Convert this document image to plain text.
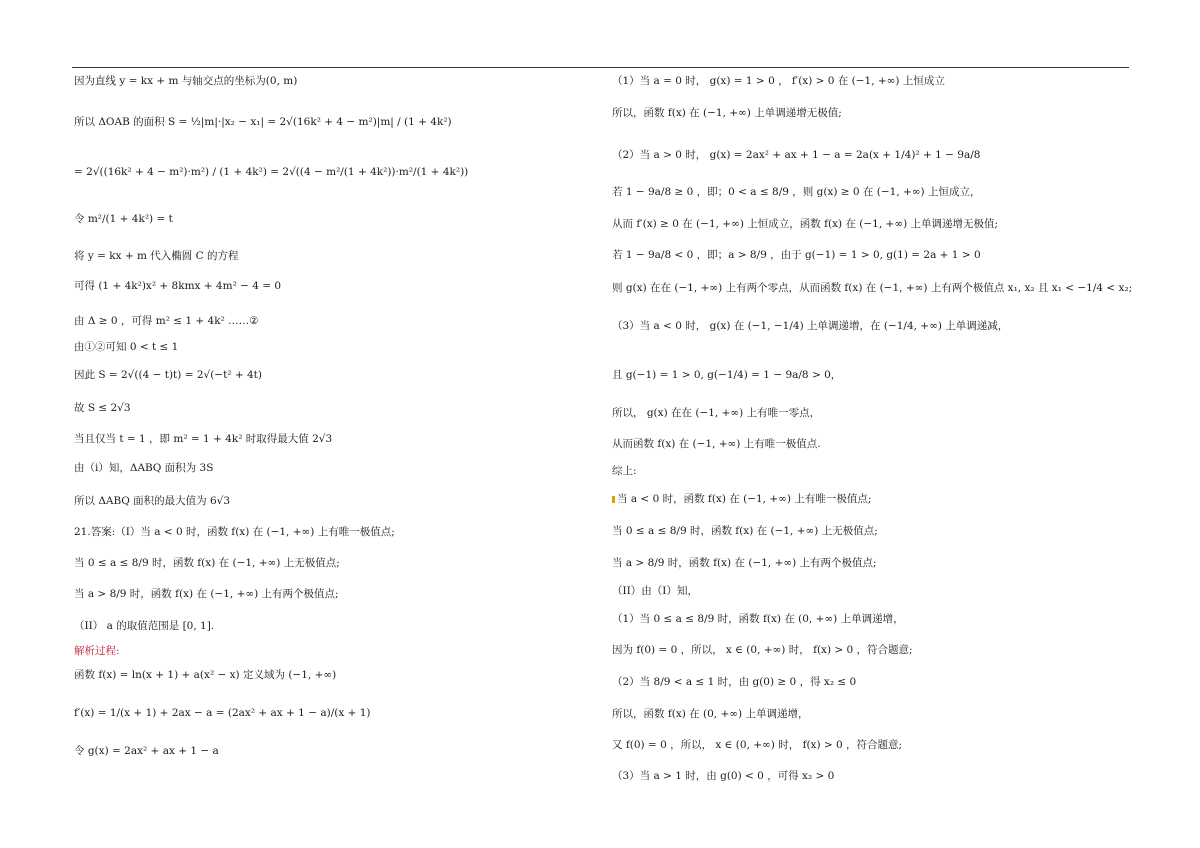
因为直线 y = kx + m 与轴交点的坐标为(0, m)
所以 ΔOAB 的面积 S = ½|m|·|x₂ − x₁| = 2√(16k² + 4 − m²)|m| / (1 + 4k²)
= 2√((16k² + 4 − m²)·m²) / (1 + 4k²) = 2√((4 − m²/(1 + 4k²))·m²/(1 + 4k²))
令 m²/(1 + 4k²) = t
将 y = kx + m 代入椭圆 C 的方程
可得 (1 + 4k²)x² + 8kmx + 4m² − 4 = 0
由 Δ ≥ 0 ，可得 m² ≤ 1 + 4k² ……②
由①②可知 0 < t ≤ 1
因此 S = 2√((4 − t)t) = 2√(−t² + 4t)
故 S ≤ 2√3
当且仅当 t = 1 ，即 m² = 1 + 4k² 时取得最大值 2√3
由（i）知，ΔABQ 面积为 3S
所以 ΔABQ 面积的最大值为 6√3
21.答案:（I）当 a < 0 时，函数 f(x) 在 (−1, +∞) 上有唯一极值点;
当 0 ≤ a ≤ 8/9 时，函数 f(x) 在 (−1, +∞) 上无极值点;
当 a > 8/9 时，函数 f(x) 在 (−1, +∞) 上有两个极值点;
（II） a 的取值范围是 [0, 1].
解析过程:
函数 f(x) = ln(x + 1) + a(x² − x) 定义域为 (−1, +∞)
f′(x) = 1/(x + 1) + 2ax − a = (2ax² + ax + 1 − a)/(x + 1)
令 g(x) = 2ax² + ax + 1 − a
（1）当 a = 0 时， g(x) = 1 > 0 ， f′(x) > 0 在 (−1, +∞) 上恒成立
所以，函数 f(x) 在 (−1, +∞) 上单调递增无极值;
（2）当 a > 0 时， g(x) = 2ax² + ax + 1 − a = 2a(x + 1/4)² + 1 − 9a/8
若 1 − 9a/8 ≥ 0 ，即；0 < a ≤ 8/9 ，则 g(x) ≥ 0 在 (−1, +∞) 上恒成立，
从而 f′(x) ≥ 0 在 (−1, +∞) 上恒成立，函数 f(x) 在 (−1, +∞) 上单调递增无极值;
若 1 − 9a/8 < 0 ，即；a > 8/9 ，由于 g(−1) = 1 > 0, g(1) = 2a + 1 > 0
则 g(x) 在在 (−1, +∞) 上有两个零点，从而函数 f(x) 在 (−1, +∞) 上有两个极值点 x₁, x₂ 且 x₁ < −1/4 < x₂;
（3）当 a < 0 时， g(x) 在 (−1, −1/4) 上单调递增，在 (−1/4, +∞) 上单调递减，
且 g(−1) = 1 > 0, g(−1/4) = 1 − 9a/8 > 0，
所以， g(x) 在在 (−1, +∞) 上有唯一零点，
从而函数 f(x) 在 (−1, +∞) 上有唯一极值点.
综上:
当 a < 0 时，函数 f(x) 在 (−1, +∞) 上有唯一极值点;
当 0 ≤ a ≤ 8/9 时，函数 f(x) 在 (−1, +∞) 上无极值点;
当 a > 8/9 时，函数 f(x) 在 (−1, +∞) 上有两个极值点;
（II）由（I）知，
（1）当 0 ≤ a ≤ 8/9 时，函数 f(x) 在 (0, +∞) 上单调递增，
因为 f(0) = 0 ，所以， x ∈ (0, +∞) 时， f(x) > 0 ，符合题意;
（2）当 8/9 < a ≤ 1 时，由 g(0) ≥ 0 ，得 x₂ ≤ 0
所以，函数 f(x) 在 (0, +∞) 上单调递增，
又 f(0) = 0 ，所以， x ∈ (0, +∞) 时， f(x) > 0 ，符合题意;
（3）当 a > 1 时，由 g(0) < 0 ，可得 x₂ > 0
